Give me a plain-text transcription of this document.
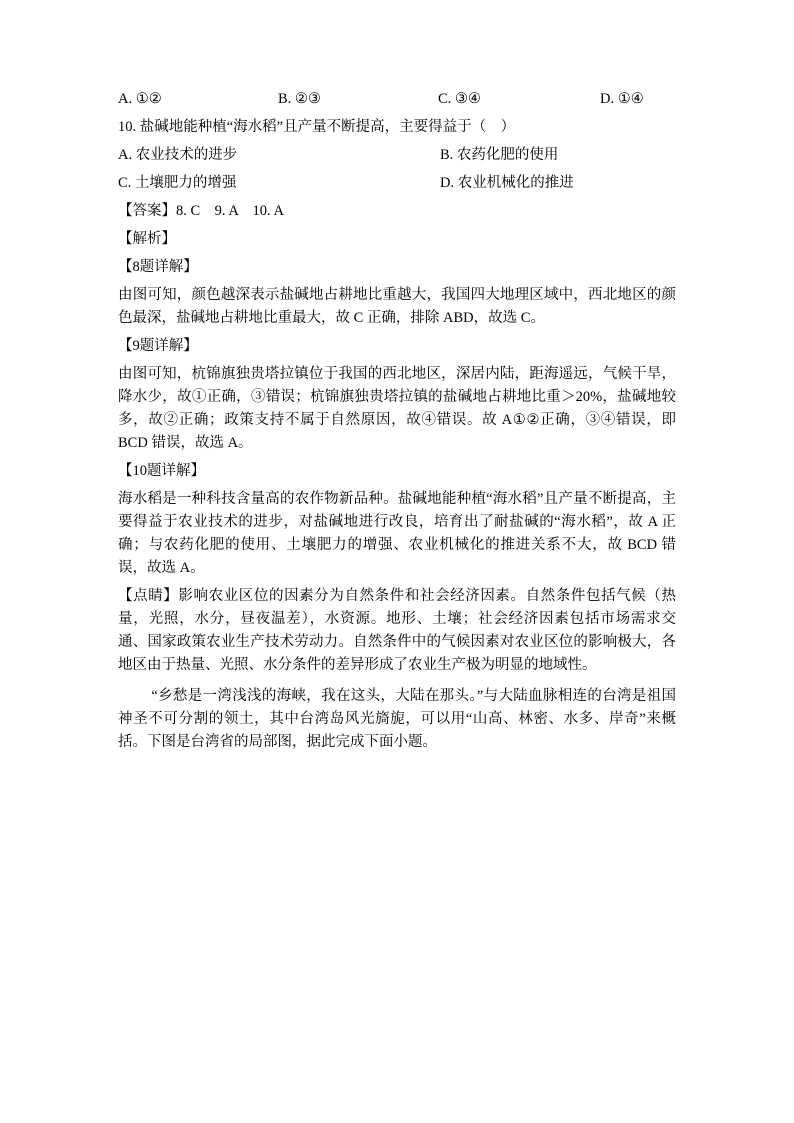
A. ①②	B. ②③	C. ③④	D. ①④
10. 盐碱地能种植“海水稻”且产量不断提高，主要得益于（    ）
A. 农业技术的进步	B. 农药化肥的使用
C. 土壤肥力的增强	D. 农业机械化的推进
【答案】8. C    9. A    10. A
【解析】
【8题详解】
由图可知，颜色越深表示盐碱地占耕地比重越大，我国四大地理区域中，西北地区的颜色最深，盐碱地占耕地比重最大，故 C 正确，排除 ABD，故选 C。
【9题详解】
由图可知，杭锦旗独贵塔拉镇位于我国的西北地区，深居内陆，距海遥远，气候干旱，降水少，故①正确，③错误；杭锦旗独贵塔拉镇的盐碱地占耕地比重＞20%，盐碱地较多，故②正确；政策支持不属于自然原因，故④错误。故 A①②正确，③④错误，即 BCD 错误，故选 A。
【10题详解】
海水稻是一种科技含量高的农作物新品种。盐碱地能种植“海水稻”且产量不断提高，主要得益于农业技术的进步，对盐碱地进行改良，培育出了耐盐碱的“海水稻”，故 A 正确；与农药化肥的使用、土壤肥力的增强、农业机械化的推进关系不大，故 BCD 错误，故选 A。
【点睛】影响农业区位的因素分为自然条件和社会经济因素。自然条件包括气候（热量，光照，水分，昼夜温差），水资源。地形、土壤；社会经济因素包括市场需求交通、国家政策农业生产技术劳动力。自然条件中的气候因素对农业区位的影响极大，各地区由于热量、光照、水分条件的差异形成了农业生产极为明显的地域性。
“乡愁是一湾浅浅的海峡，我在这头，大陆在那头。”与大陆血脉相连的台湾是祖国神圣不可分割的领土，其中台湾岛风光旖旎，可以用“山高、林密、水多、岸奇”来概括。下图是台湾省的局部图，据此完成下面小题。
